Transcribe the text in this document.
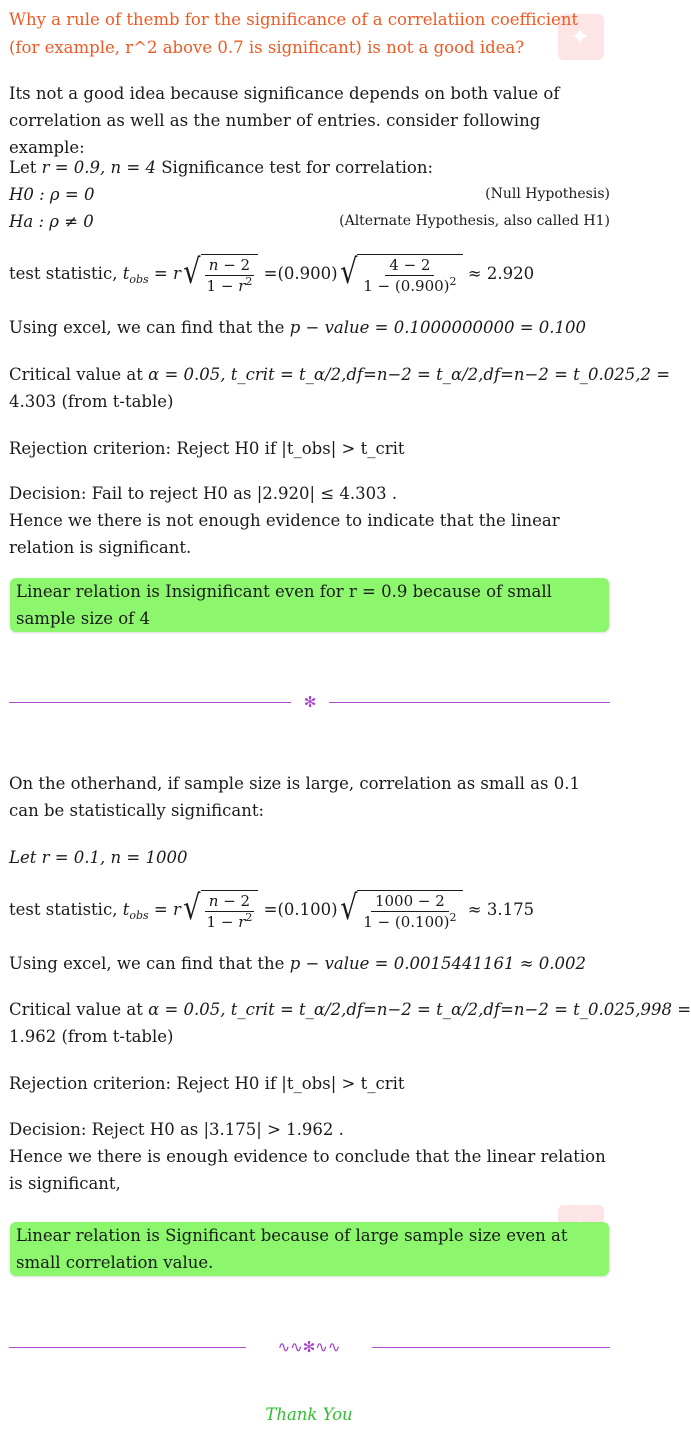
✦
✦

Why a rule of themb for the significance of a correlatiion coefficient (for example, r^2 above 0.7 is significant) is not a good idea?

Its not a good idea because significance depends on both value of correlation as well as the number of entries. consider following example:
Let r = 0.9, n = 4 Significance test for correlation:
H0 : ρ = 0	(Null Hypothesis)
Ha : ρ ≠ 0	(Alternate Hypothesis, also called H1)
test statistic,
$t_{obs} = r$ √ $\frac{n - 2}{1 - r^2} = (0.900)$ √ $\frac{4 - 2}{1 - (0.900)^2}$
≈ 2.920
Using excel, we can find that the p − value = 0.1000000000 = 0.100
Critical value at α = 0.05, t_crit = t_α/2,df=n−2 = t_α/2,df=n−2 = t_0.025,2 =
4.303 (from t-table)
Rejection criterion: Reject H0 if |t_obs| > t_crit
Decision: Fail to reject H0 as |2.920| ≤ 4.303 .
Hence we there is not enough evidence to indicate that the linear relation is significant.
Linear relation is Insignificant even for r = 0.9 because of small sample size of 4
✻
On the otherhand, if sample size is large, correlation as small as 0.1 can be statistically significant:
Let r = 0.1, n = 1000
test statistic,
$t_{obs} = r$ √ $\frac{n - 2}{1 - r^2} = (0.100)$ √ $\frac{1000 - 2}{1 - (0.100)^2}$
≈ 3.175
Using excel, we can find that the p − value = 0.0015441161 ≈ 0.002
Critical value at α = 0.05, t_crit = t_α/2,df=n−2 = t_α/2,df=n−2 = t_0.025,998 =
1.962 (from t-table)
Rejection criterion: Reject H0 if |t_obs| > t_crit
Decision: Reject H0 as |3.175| > 1.962 .
Hence we there is enough evidence to conclude that the linear relation is significant,
Linear relation is Significant because of large sample size even at small correlation value.
∿∿✻∿∿
Thank You
